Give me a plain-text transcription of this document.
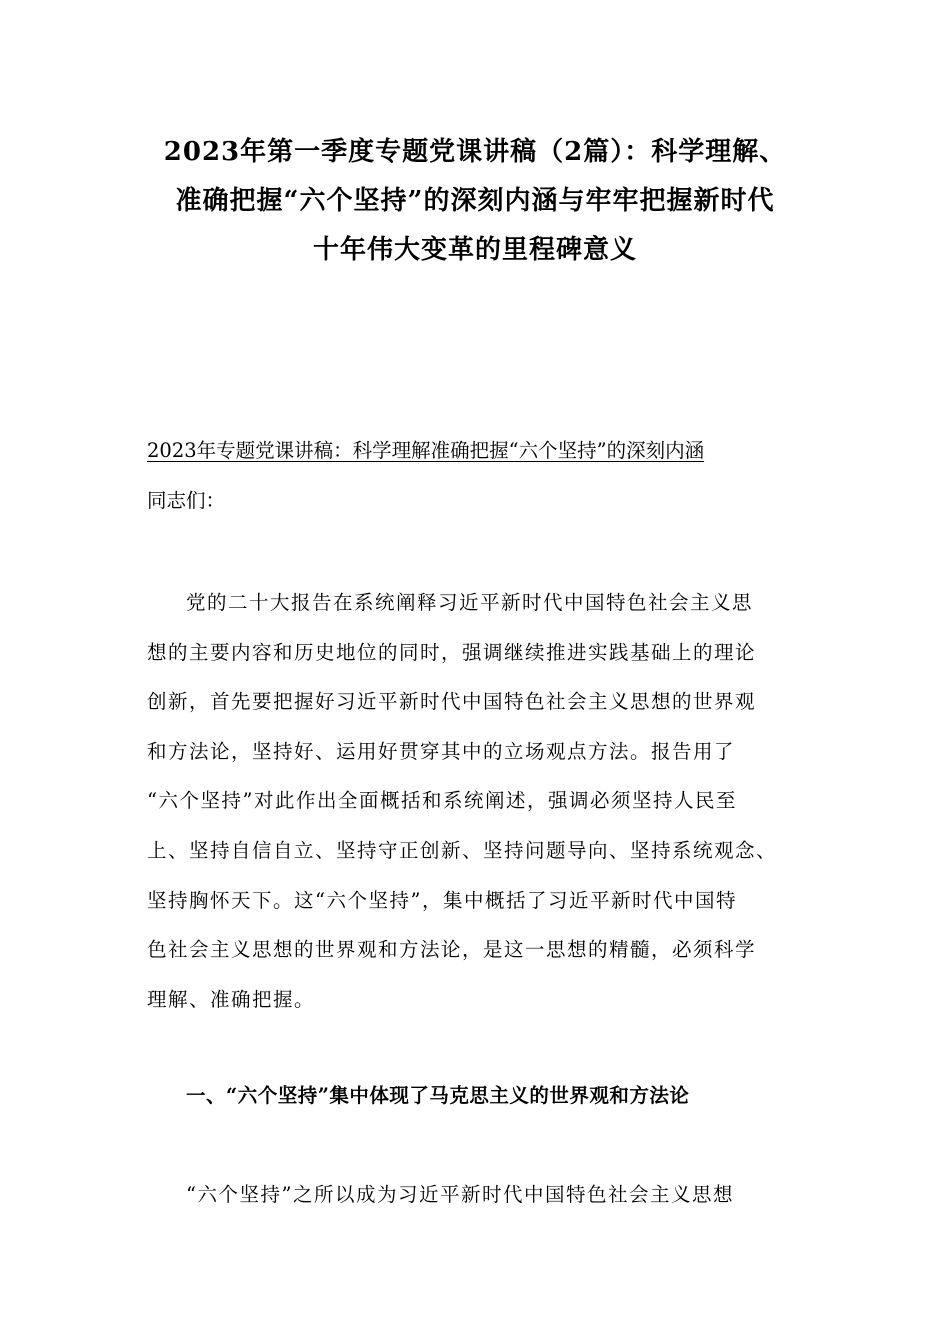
2023年第一季度专题党课讲稿（2篇）：科学理解、
准确把握“六个坚持”的深刻内涵与牢牢把握新时代
十年伟大变革的里程碑意义
2023年专题党课讲稿：科学理解准确把握“六个坚持”的深刻内涵
同志们：
党的二十大报告在系统阐释习近平新时代中国特色社会主义思
想的主要内容和历史地位的同时，强调继续推进实践基础上的理论
创新，首先要把握好习近平新时代中国特色社会主义思想的世界观
和方法论，坚持好、运用好贯穿其中的立场观点方法。报告用了
“六个坚持”对此作出全面概括和系统阐述，强调必须坚持人民至
上、坚持自信自立、坚持守正创新、坚持问题导向、坚持系统观念、
坚持胸怀天下。这“六个坚持”，集中概括了习近平新时代中国特
色社会主义思想的世界观和方法论，是这一思想的精髓，必须科学
理解、准确把握。
一、“六个坚持”集中体现了马克思主义的世界观和方法论
“六个坚持”之所以成为习近平新时代中国特色社会主义思想
